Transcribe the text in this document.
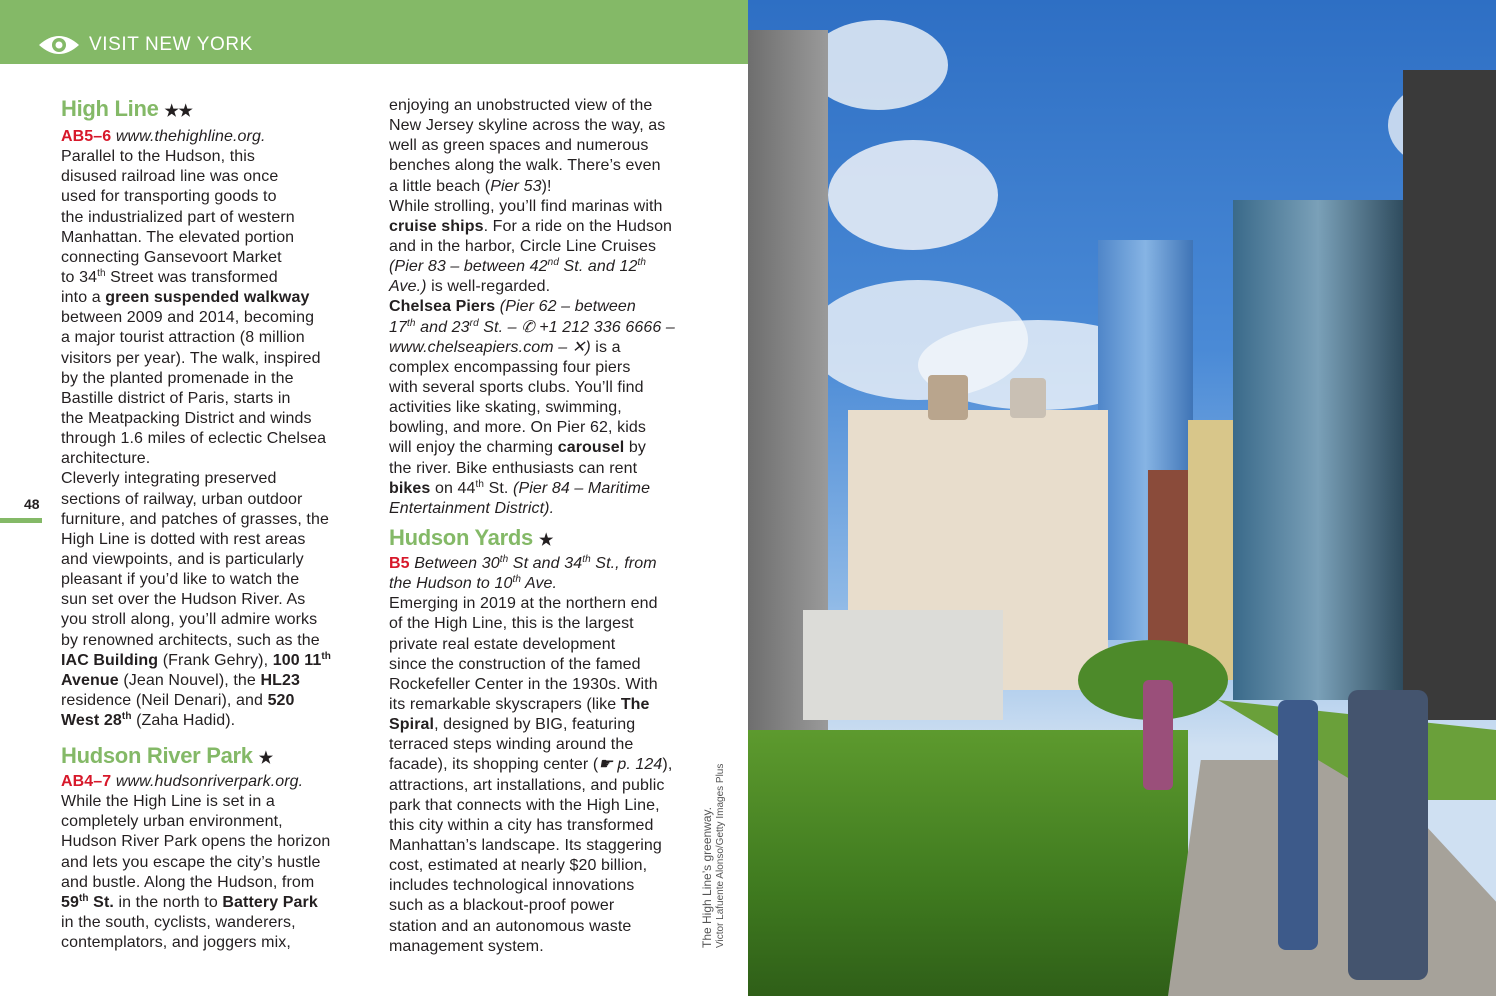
VISIT NEW YORK
High Line ★★
AB5–6 www.thehighline.org.
Parallel to the Hudson, this
disused railroad line was once
used for transporting goods to
the industrialized part of western
Manhattan. The elevated portion
connecting Gansevoort Market
to 34th Street was transformed
into a green suspended walkway
between 2009 and 2014, becoming
a major tourist attraction (8 million
visitors per year). The walk, inspired
by the planted promenade in the
Bastille district of Paris, starts in
the Meatpacking District and winds
through 1.6 miles of eclectic Chelsea
architecture.
Cleverly integrating preserved
sections of railway, urban outdoor
furniture, and patches of grasses, the
High Line is dotted with rest areas
and viewpoints, and is particularly
pleasant if you’d like to watch the
sun set over the Hudson River. As
you stroll along, you’ll admire works
by renowned architects, such as the
IAC Building (Frank Gehry), 100 11th
Avenue (Jean Nouvel), the HL23
residence (Neil Denari), and 520
West 28th (Zaha Hadid).
Hudson River Park ★
AB4–7 www.hudsonriverpark.org.
While the High Line is set in a
completely urban environment,
Hudson River Park opens the horizon
and lets you escape the city’s hustle
and bustle. Along the Hudson, from
59th St. in the north to Battery Park
in the south, cyclists, wanderers,
contemplators, and joggers mix,
enjoying an unobstructed view of the
New Jersey skyline across the way, as
well as green spaces and numerous
benches along the walk. There’s even
a little beach (Pier 53)!
While strolling, you’ll find marinas with
cruise ships. For a ride on the Hudson
and in the harbor, Circle Line Cruises
(Pier 83 – between 42nd St. and 12th
Ave.) is well-regarded.
Chelsea Piers (Pier 62 – between
17th and 23rd St. – ✆ +1 212 336 6666 –
www.chelseapiers.com – ✕) is a
complex encompassing four piers
with several sports clubs. You’ll find
activities like skating, swimming,
bowling, and more. On Pier 62, kids
will enjoy the charming carousel by
the river. Bike enthusiasts can rent
bikes on 44th St. (Pier 84 – Maritime
Entertainment District).
Hudson Yards ★
B5 Between 30th St and 34th St., from
the Hudson to 10th Ave.
Emerging in 2019 at the northern end
of the High Line, this is the largest
private real estate development
since the construction of the famed
Rockefeller Center in the 1930s. With
its remarkable skyscrapers (like The
Spiral, designed by BIG, featuring
terraced steps winding around the
facade), its shopping center (☛ p. 124),
attractions, art installations, and public
park that connects with the High Line,
this city within a city has transformed
Manhattan’s landscape. Its staggering
cost, estimated at nearly $20 billion,
includes technological innovations
such as a blackout-proof power
station and an autonomous waste
management system.
48
The High Line’s greenway. Victor Lafuente Alonso/Getty Images Plus
